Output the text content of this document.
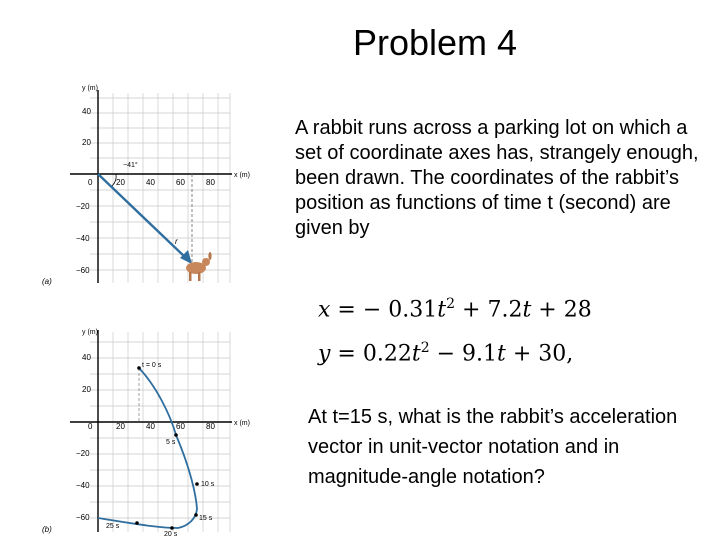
Problem 4
y (m)
x (m)
0	20	40	60	80
40
20
−20
−40
−60
−41°
r
(a)
y (m)
x (m)
0	20	40	60	80
40
20
−20
−40
−60
t = 0 s
5 s
10 s
15 s
20 s
25 s
(b)
A rabbit runs across a parking lot on which a set of coordinate axes has, strangely enough, been drawn. The coordinates of the rabbit’s position as functions of time t (second) are given by
x = − $0.31t^2 + 7.2t + 28$
$y = 0.22t^2 - 9.1t + 30$,
At t=15 s, what is the rabbit’s acceleration vector in unit-vector notation and in magnitude-angle notation?
